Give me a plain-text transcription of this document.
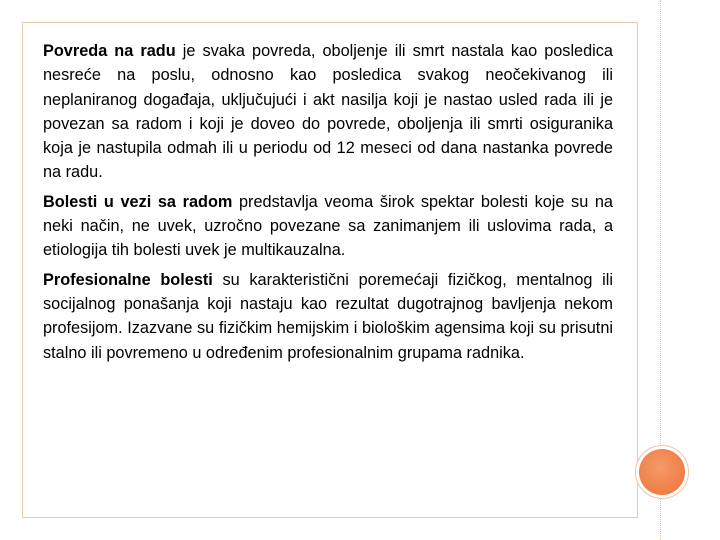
Povreda na radu je svaka povreda, oboljenje ili smrt nastala kao posledica nesreće na poslu, odnosno kao posledica svakog neočekivanog ili neplaniranog događaja, uključujući i akt nasilja koji je nastao usled rada ili je povezan sa radom i koji je doveo do povrede, oboljenja ili smrti osiguranika koja je nastupila odmah ili u periodu od 12 meseci od dana nastanka povrede na radu.

Bolesti u vezi sa radom predstavlja veoma širok spektar bolesti koje su na neki način, ne uvek, uzročno povezane sa zanimanjem ili uslovima rada, a etiologija tih bolesti uvek je multikauzalna.

Profesionalne bolesti su karakteristični poremećaji fizičkog, mentalnog ili socijalnog ponašanja koji nastaju kao rezultat dugotrajnog bavljenja nekom profesijom. Izazvane su fizičkim hemijskim i biološkim agensima koji su prisutni stalno ili povremeno u određenim profesionalnim grupama radnika.
